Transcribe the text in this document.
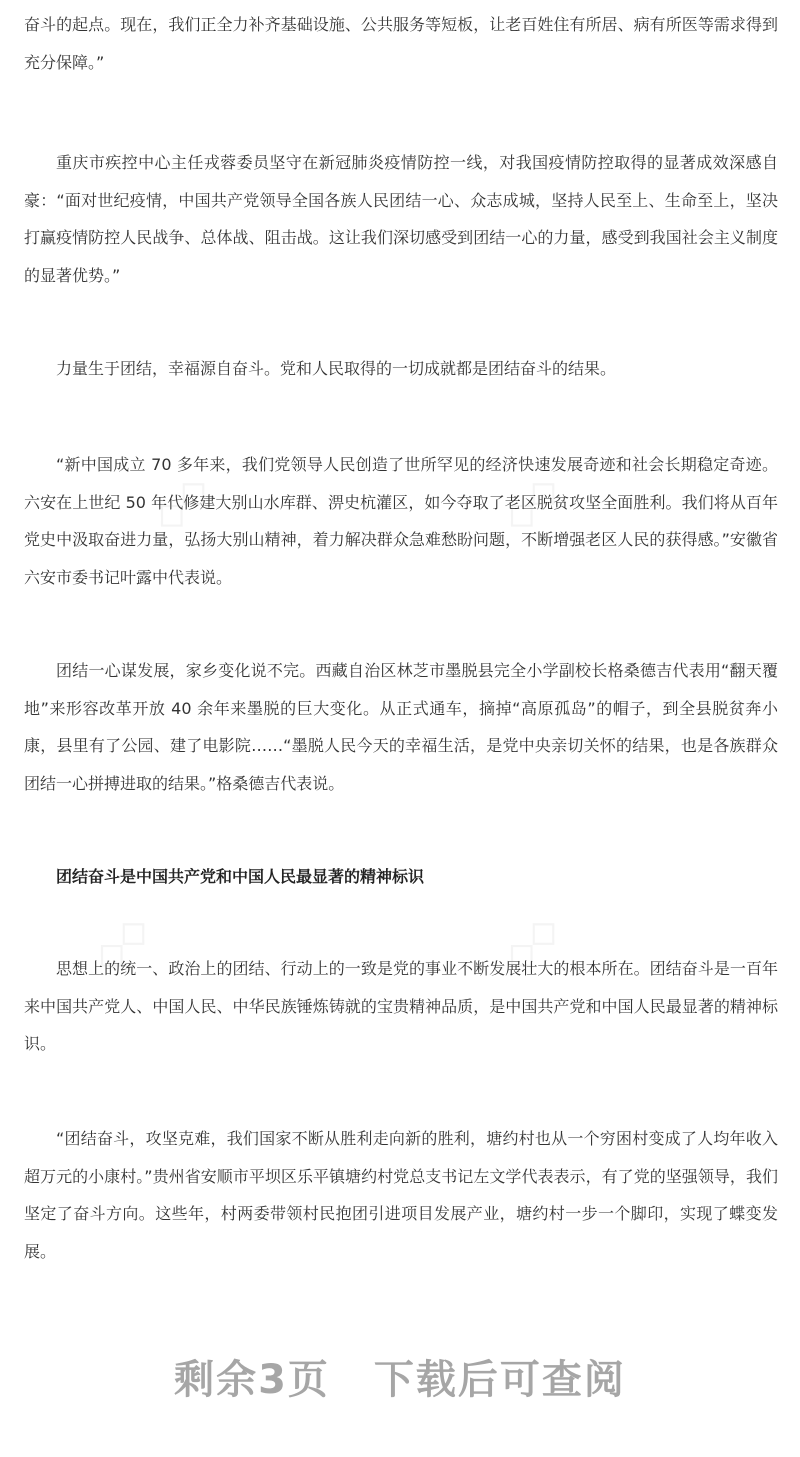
奋斗的起点。现在，我们正全力补齐基础设施、公共服务等短板，让老百姓住有所居、病有所医等需求得到充分保障。”

重庆市疾控中心主任戎蓉委员坚守在新冠肺炎疫情防控一线，对我国疫情防控取得的显著成效深感自豪：“面对世纪疫情，中国共产党领导全国各族人民团结一心、众志成城，坚持人民至上、生命至上，坚决打赢疫情防控人民战争、总体战、阻击战。这让我们深切感受到团结一心的力量，感受到我国社会主义制度的显著优势。”

力量生于团结，幸福源自奋斗。党和人民取得的一切成就都是团结奋斗的结果。

“新中国成立 70 多年来，我们党领导人民创造了世所罕见的经济快速发展奇迹和社会长期稳定奇迹。六安在上世纪 50 年代修建大别山水库群、淠史杭灌区，如今夺取了老区脱贫攻坚全面胜利。我们将从百年党史中汲取奋进力量，弘扬大别山精神，着力解决群众急难愁盼问题，不断增强老区人民的获得感。”安徽省六安市委书记叶露中代表说。

团结一心谋发展，家乡变化说不完。西藏自治区林芝市墨脱县完全小学副校长格桑德吉代表用“翻天覆地”来形容改革开放 40 余年来墨脱的巨大变化。从正式通车，摘掉“高原孤岛”的帽子，到全县脱贫奔小康，县里有了公园、建了电影院……“墨脱人民今天的幸福生活，是党中央亲切关怀的结果，也是各族群众团结一心拼搏进取的结果。”格桑德吉代表说。

团结奋斗是中国共产党和中国人民最显著的精神标识

思想上的统一、政治上的团结、行动上的一致是党的事业不断发展壮大的根本所在。团结奋斗是一百年来中国共产党人、中国人民、中华民族锤炼铸就的宝贵精神品质，是中国共产党和中国人民最显著的精神标识。

“团结奋斗，攻坚克难，我们国家不断从胜利走向新的胜利，塘约村也从一个穷困村变成了人均年收入超万元的小康村。”贵州省安顺市平坝区乐平镇塘约村党总支书记左文学代表表示，有了党的坚强领导，我们坚定了奋斗方向。这些年，村两委带领村民抱团引进项目发展产业，塘约村一步一个脚印，实现了蝶变发展。

◇◇	◇◇
◇◇	◇◇
剩余3页 下载后可查阅
